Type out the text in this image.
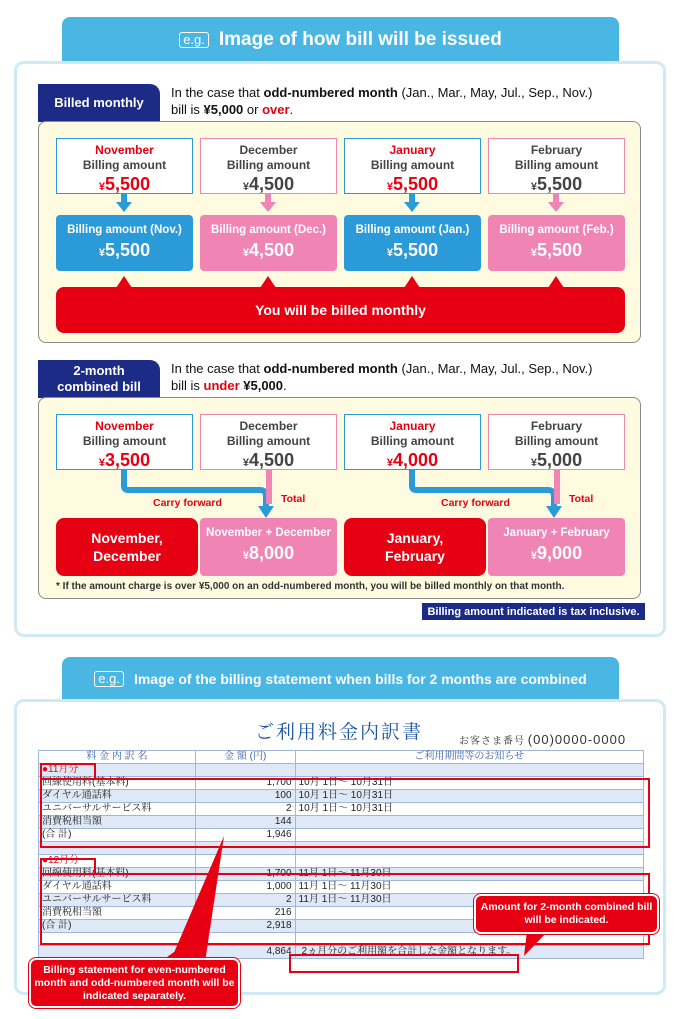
e.g. Image of how bill will be issued
Billed monthly
In the case that odd-numbered month (Jan., Mar., May, Jul., Sep., Nov.)
bill is ¥5,000 or over.
November
Billing amount
¥5,500
December
Billing amount
¥4,500
January
Billing amount
¥5,500
February
Billing amount
¥5,500
Billing amount (Nov.)
¥5,500
Billing amount (Dec.)
¥4,500
Billing amount (Jan.)
¥5,500
Billing amount (Feb.)
¥5,500
You will be billed monthly
2-month
combined bill
In the case that odd-numbered month (Jan., Mar., May, Jul., Sep., Nov.)
bill is under ¥5,000.
November
Billing amount
¥3,500
December
Billing amount
¥4,500
January
Billing amount
¥4,000
February
Billing amount
¥5,000
Carry forward	Total	Carry forward	Total
November,
December
November + December
¥8,000
January,
February
January + February
¥9,000
* If the amount charge is over ¥5,000 on an odd-numbered month, you will be billed monthly on that month.
Billing amount indicated is tax inclusive.
e.g. Image of the billing statement when bills for 2 months are combined
ご利用料金内訳書	お客さま番号 (00)0000-0000
料 金 内 訳 名	金 額 (円)	ご利用期間等のお知らせ
●11月分		
回線使用料(基本料)	1,700	10月 1日〜 10月31日
ダイヤル通話料	100	10月 1日〜 10月31日
ユニバーサルサービス料	2	10月 1日〜 10月31日
消費税相当額	144	
(合 計)	1,946	

●12月分		
回線使用料(基本料)	1,700	11月 1日〜 11月30日
ダイヤル通話料	1,000	11月 1日〜 11月30日
ユニバーサルサービス料	2	11月 1日〜 11月30日
消費税相当額	216	
(合 計)	2,918	

	4,864	2ヵ月分のご利用額を合計した金額となります。
Billing statement for even-numbered month and odd-numbered month will be indicated separately.
Amount for 2-month combined bill will be indicated.
